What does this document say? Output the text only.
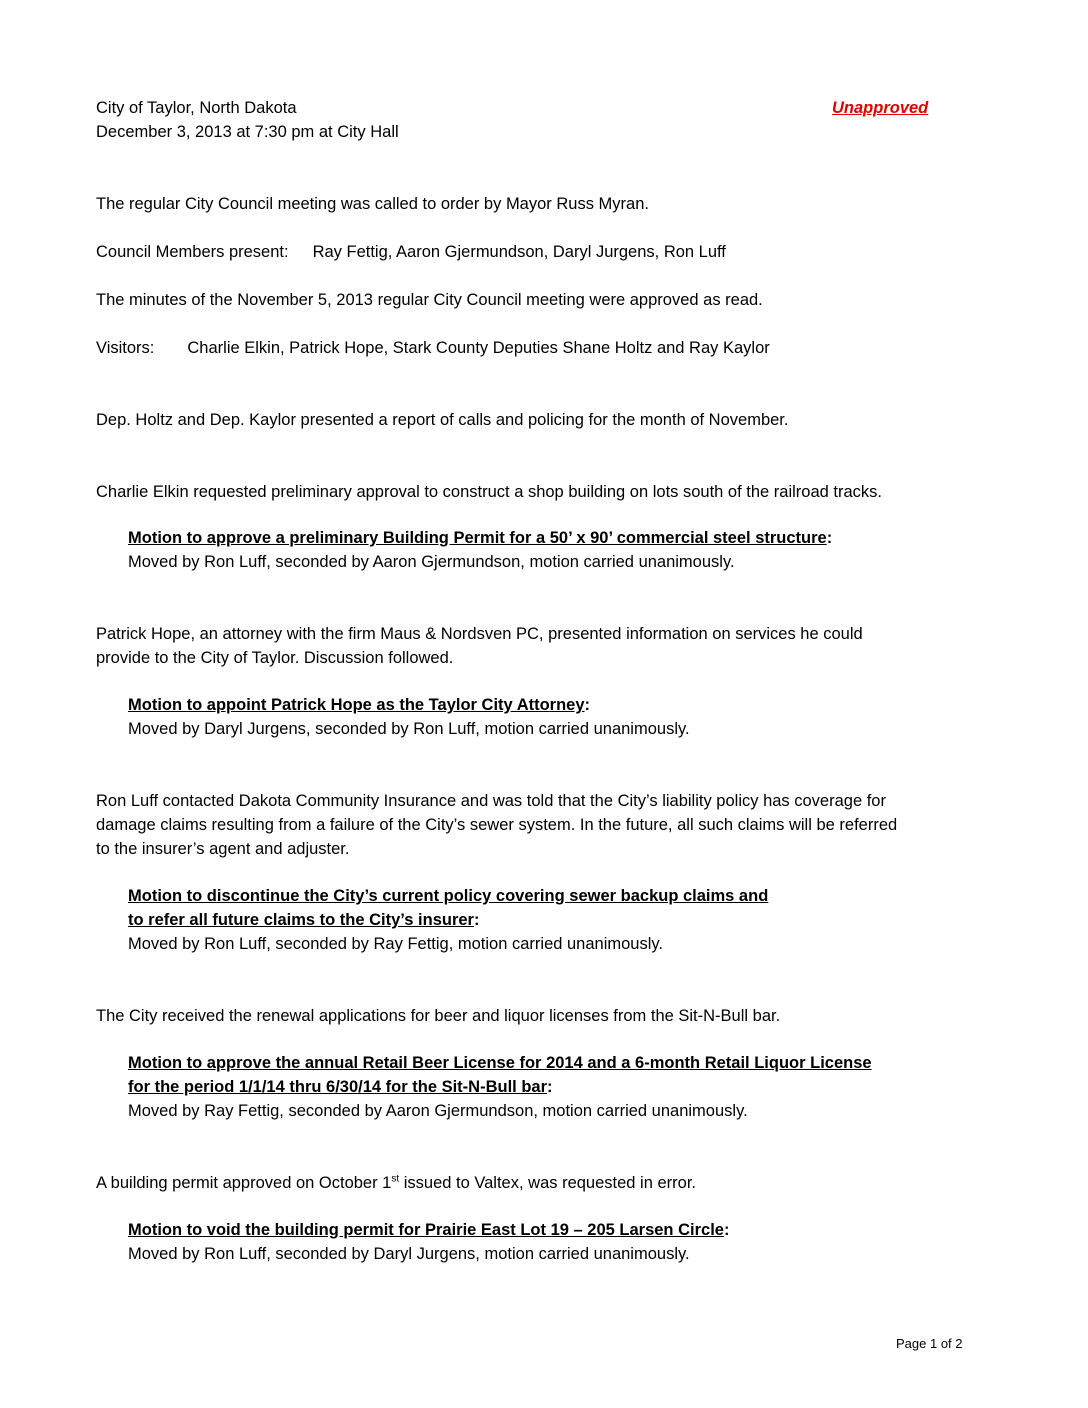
City of Taylor, North Dakota	Unapproved
December 3, 2013 at 7:30 pm at City Hall
The regular City Council meeting was called to order by Mayor Russ Myran.
Council Members present: Ray Fettig, Aaron Gjermundson, Daryl Jurgens, Ron Luff
The minutes of the November 5, 2013 regular City Council meeting were approved as read.
Visitors: Charlie Elkin, Patrick Hope, Stark County Deputies Shane Holtz and Ray Kaylor
Dep. Holtz and Dep. Kaylor presented a report of calls and policing for the month of November.
Charlie Elkin requested preliminary approval to construct a shop building on lots south of the railroad tracks.
Motion to approve a preliminary Building Permit for a 50’ x 90’ commercial steel structure:
Moved by Ron Luff, seconded by Aaron Gjermundson, motion carried unanimously.
Patrick Hope, an attorney with the firm Maus & Nordsven PC, presented information on services he could
provide to the City of Taylor. Discussion followed.
Motion to appoint Patrick Hope as the Taylor City Attorney:
Moved by Daryl Jurgens, seconded by Ron Luff, motion carried unanimously.
Ron Luff contacted Dakota Community Insurance and was told that the City’s liability policy has coverage for
damage claims resulting from a failure of the City’s sewer system. In the future, all such claims will be referred
to the insurer’s agent and adjuster.
Motion to discontinue the City’s current policy covering sewer backup claims and
to refer all future claims to the City’s insurer:
Moved by Ron Luff, seconded by Ray Fettig, motion carried unanimously.
The City received the renewal applications for beer and liquor licenses from the Sit-N-Bull bar.
Motion to approve the annual Retail Beer License for 2014 and a 6-month Retail Liquor License
for the period 1/1/14 thru 6/30/14 for the Sit-N-Bull bar:
Moved by Ray Fettig, seconded by Aaron Gjermundson, motion carried unanimously.
A building permit approved on October 1st issued to Valtex, was requested in error.
Motion to void the building permit for Prairie East Lot 19 – 205 Larsen Circle:
Moved by Ron Luff, seconded by Daryl Jurgens, motion carried unanimously.
Page 1 of 2
